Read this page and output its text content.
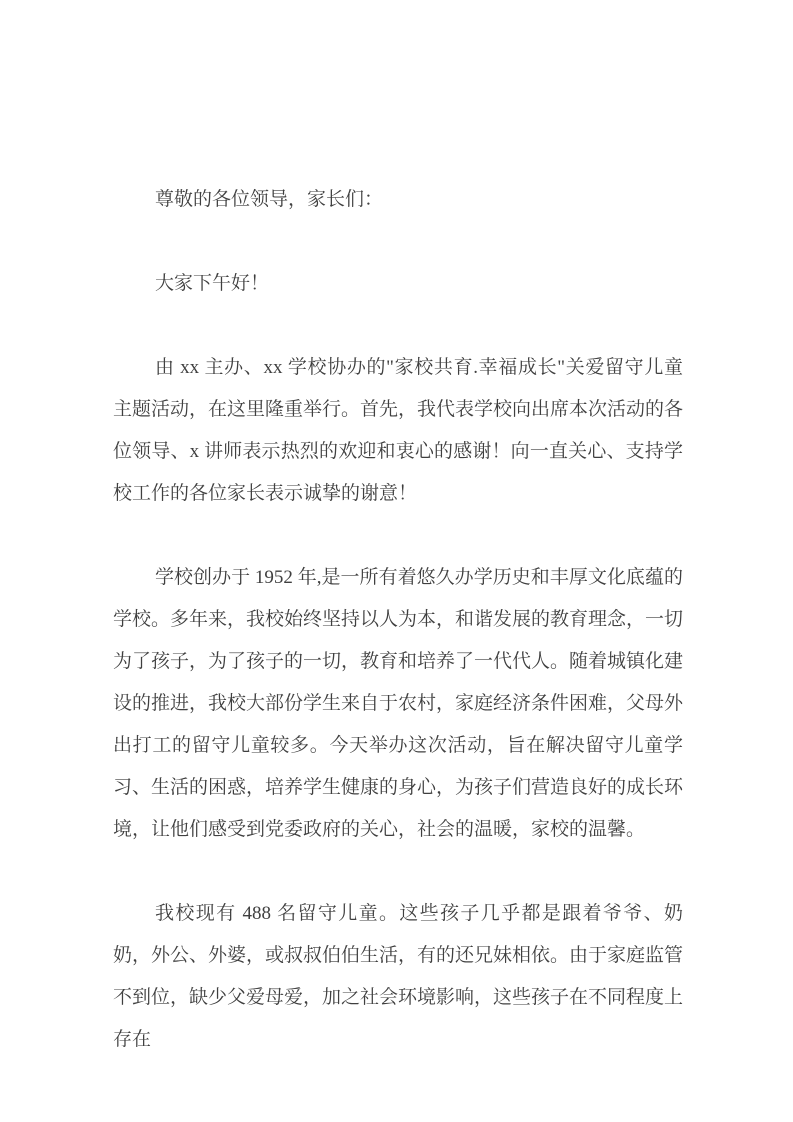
尊敬的各位领导，家长们：

大家下午好！

由 xx 主办、xx 学校协办的"家校共育.幸福成长"关爱留守儿童主题活动，在这里隆重举行。首先，我代表学校向出席本次活动的各位领导、x 讲师表示热烈的欢迎和衷心的感谢！向一直关心、支持学校工作的各位家长表示诚挚的谢意！

学校创办于 1952 年,是一所有着悠久办学历史和丰厚文化底蕴的学校。多年来，我校始终坚持以人为本，和谐发展的教育理念，一切为了孩子，为了孩子的一切，教育和培养了一代代人。随着城镇化建设的推进，我校大部份学生来自于农村，家庭经济条件困难，父母外出打工的留守儿童较多。今天举办这次活动，旨在解决留守儿童学习、生活的困惑，培养学生健康的身心，为孩子们营造良好的成长环境，让他们感受到党委政府的关心，社会的温暖，家校的温馨。

我校现有 488 名留守儿童。这些孩子几乎都是跟着爷爷、奶奶，外公、外婆，或叔叔伯伯生活，有的还兄妹相依。由于家庭监管不到位，缺少父爱母爱，加之社会环境影响，这些孩子在不同程度上存在
